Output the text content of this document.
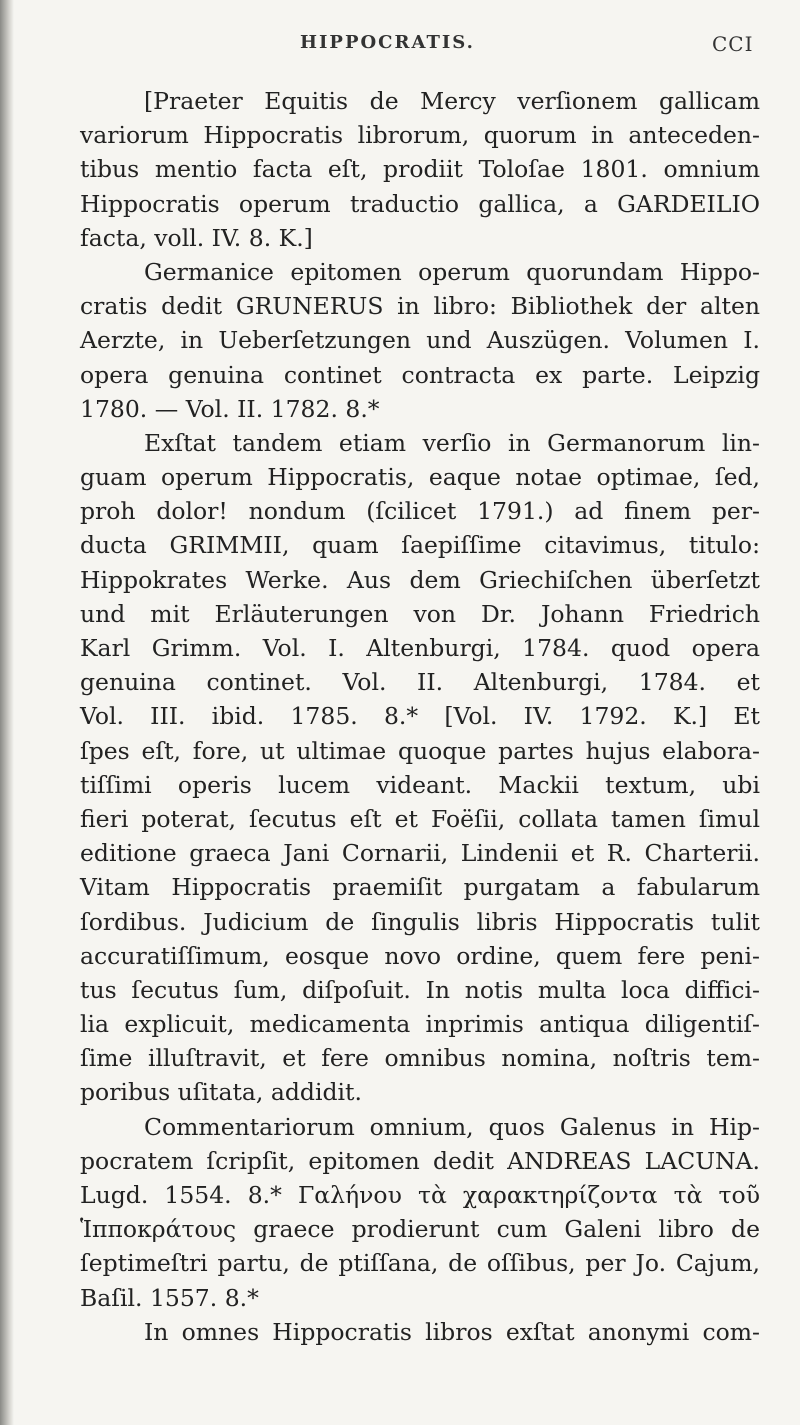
HIPPOCRATIS.	CCI
[Praeter Equitis de Mercy verſionem gallicam
variorum Hippocratis librorum, quorum in anteceden-
tibus mentio facta eſt, prodiit Toloſae 1801. omnium
Hippocratis operum traductio gallica, a GARDEILIO
facta, voll. IV. 8. K.]
Germanice epitomen operum quorundam Hippo-
cratis dedit GRUNERUS in libro: Bibliothek der alten
Aerzte, in Ueberſetzungen und Auszügen. Volumen I.
opera genuina continet contracta ex parte. Leipzig
1780. — Vol. II. 1782. 8.*
Exſtat tandem etiam verſio in Germanorum lin-
guam operum Hippocratis, eaque notae optimae, ſed,
proh dolor! nondum (ſcilicet 1791.) ad finem per-
ducta GRIMMII, quam ſaepiſſime citavimus, titulo:
Hippokrates Werke. Aus dem Griechiſchen überſetzt
und mit Erläuterungen von Dr. Johann Friedrich
Karl Grimm. Vol. I. Altenburgi, 1784. quod opera
genuina continet. Vol. II. Altenburgi, 1784. et
Vol. III. ibid. 1785. 8.* [Vol. IV. 1792. K.] Et
ſpes eſt, fore, ut ultimae quoque partes hujus elabora-
tiſſimi operis lucem videant. Mackii textum, ubi
fieri poterat, ſecutus eſt et Foëſii, collata tamen ſimul
editione graeca Jani Cornarii, Lindenii et R. Charterii.
Vitam Hippocratis praemiſit purgatam a fabularum
ſordibus. Judicium de ſingulis libris Hippocratis tulit
accuratiſſimum, eosque novo ordine, quem fere peni-
tus ſecutus ſum, diſpoſuit. In notis multa loca diffici-
lia explicuit, medicamenta inprimis antiqua diligentiſ-
ſime illuſtravit, et fere omnibus nomina, noſtris tem-
poribus uſitata, addidit.
Commentariorum omnium, quos Galenus in Hip-
pocratem ſcripſit, epitomen dedit ANDREAS LACUNA.
Lugd. 1554. 8.* Γαλήνου τὰ χαρακτηρίζοντα τὰ τοῦ
Ἱπποκράτους graece prodierunt cum Galeni libro de
ſeptimeſtri partu, de ptiſſana, de oſſibus, per Jo. Cajum,
Baſil. 1557. 8.*
In omnes Hippocratis libros exſtat anonymi com-
